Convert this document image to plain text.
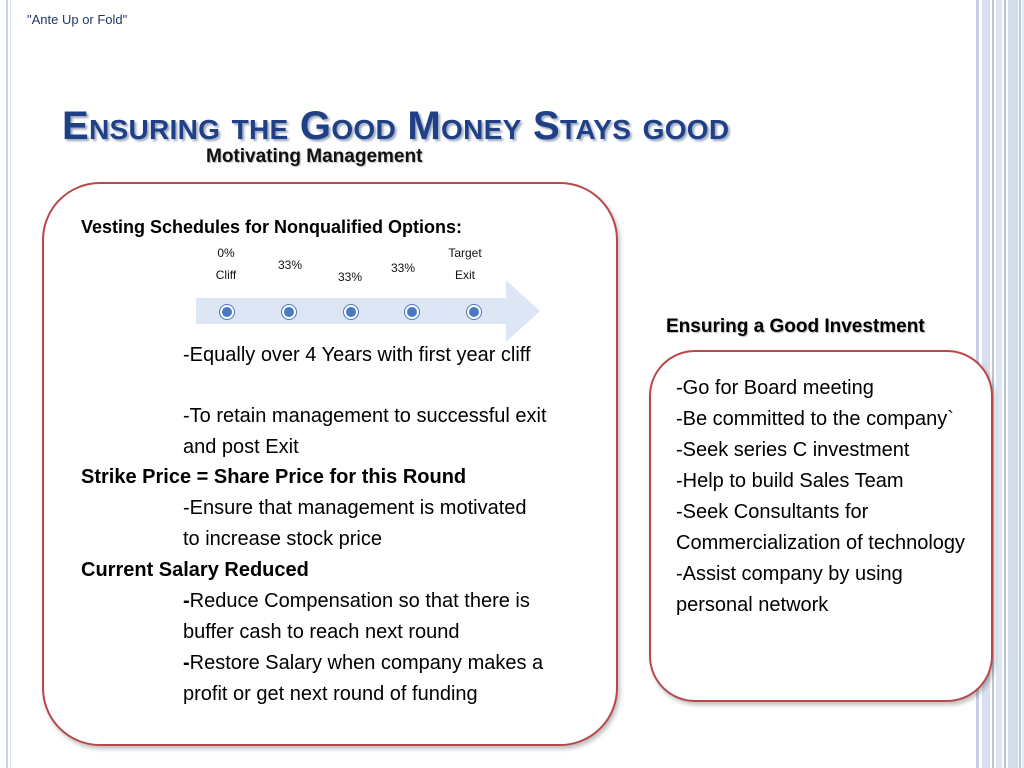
"Ante Up or Fold"
Ensuring the Good Money Stays good
Motivating Management
Vesting Schedules for Nonqualified Options:
0%
Cliff
33%
33%
33%
Target
Exit
-Equally over 4 Years with first year cliff
-To retain management to successful exit and post Exit
Strike Price = Share Price for this Round
-Ensure that management is motivated to increase stock price
Current Salary Reduced
-Reduce Compensation so that there is buffer cash to reach next round
-Restore Salary when company makes a profit or get next round of funding
Ensuring a Good Investment
-Go for Board meeting
-Be committed to the company`
-Seek series C investment
-Help to build Sales Team
-Seek Consultants for Commercialization of technology
-Assist company by using personal network
